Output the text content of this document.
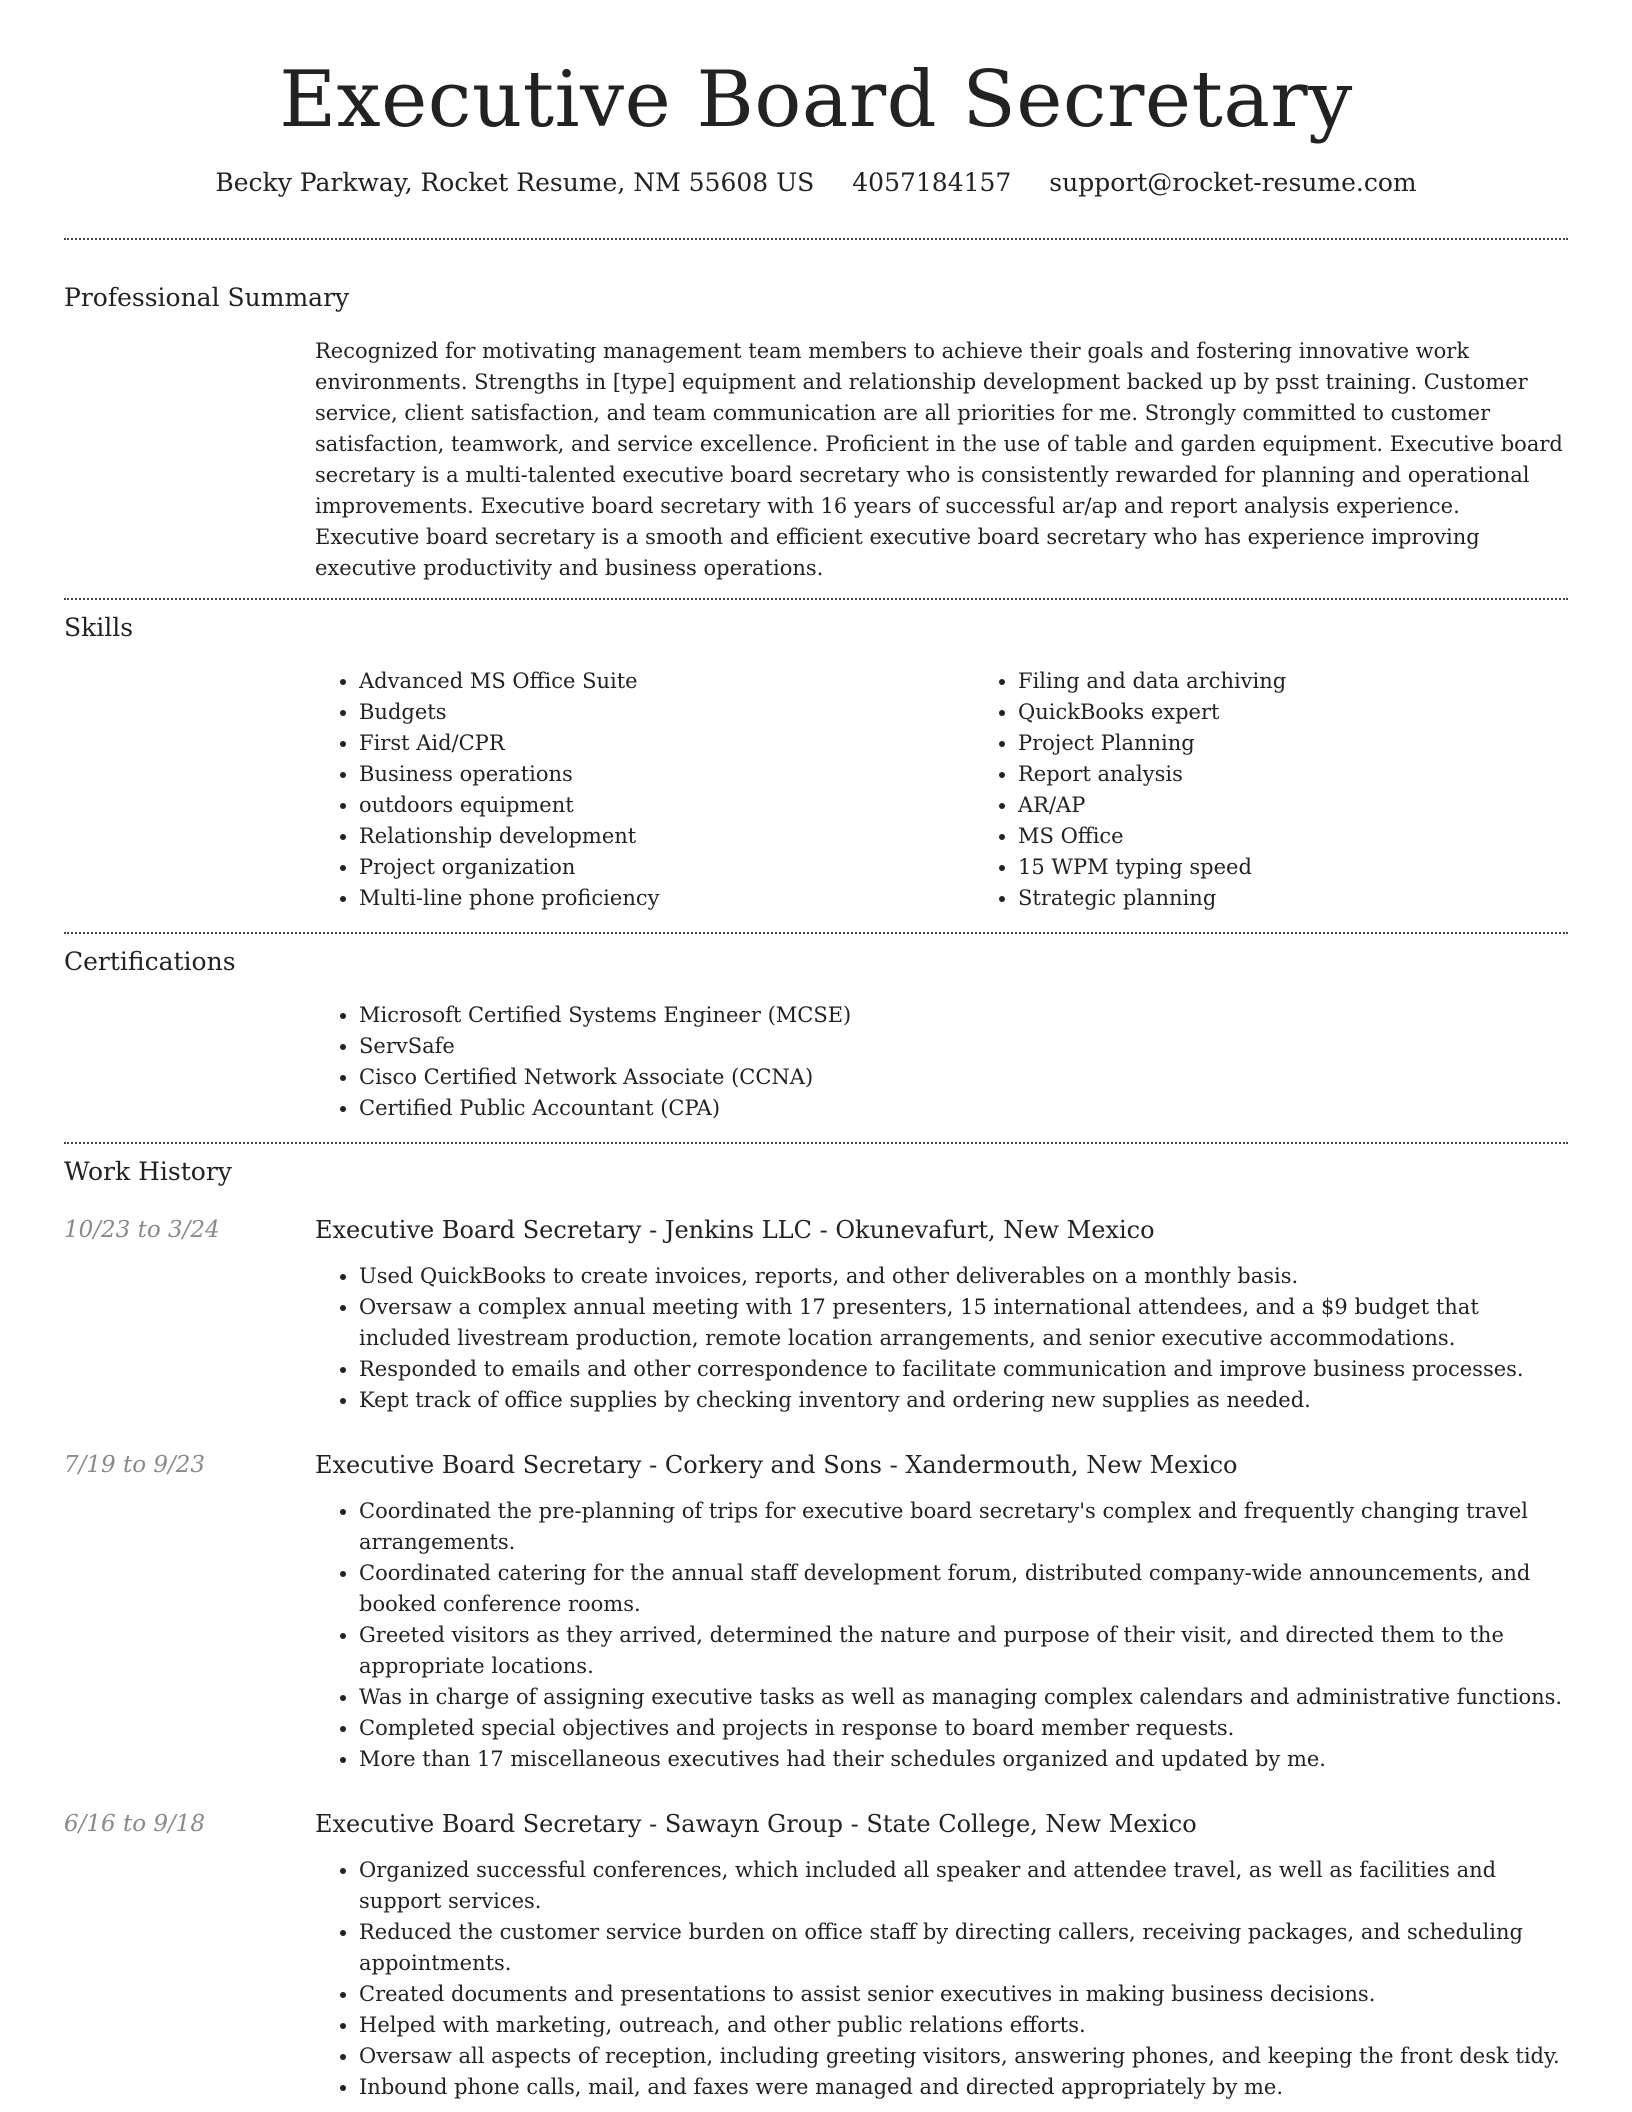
Executive Board Secretary
Becky Parkway, Rocket Resume, NM 55608 US 4057184157 support@rocket-resume.com
Professional Summary

Recognized for motivating management team members to achieve their goals and fostering innovative work environments. Strengths in [type] equipment and relationship development backed up by psst training. Customer service, client satisfaction, and team communication are all priorities for me. Strongly committed to customer satisfaction, teamwork, and service excellence. Proficient in the use of table and garden equipment. Executive board secretary is a multi-talented executive board secretary who is consistently rewarded for planning and operational improvements. Executive board secretary with 16 years of successful ar/ap and report analysis experience. Executive board secretary is a smooth and efficient executive board secretary who has experience improving executive productivity and business operations.

Skills
• Advanced MS Office Suite
• Budgets
• First Aid/CPR
• Business operations
• outdoors equipment
• Relationship development
• Project organization
• Multi-line phone proficiency
• Filing and data archiving
• QuickBooks expert
• Project Planning
• Report analysis
• AR/AP
• MS Office
• 15 WPM typing speed
• Strategic planning
Certifications
• Microsoft Certified Systems Engineer (MCSE)
• ServSafe
• Cisco Certified Network Associate (CCNA)
• Certified Public Accountant (CPA)
Work History
10/23 to 3/24	Executive Board Secretary - Jenkins LLC - Okunevafurt, New Mexico
• Used QuickBooks to create invoices, reports, and other deliverables on a monthly basis.
• Oversaw a complex annual meeting with 17 presenters, 15 international attendees, and a $9 budget that included livestream production, remote location arrangements, and senior executive accommodations.
• Responded to emails and other correspondence to facilitate communication and improve business processes.
• Kept track of office supplies by checking inventory and ordering new supplies as needed.
7/19 to 9/23	Executive Board Secretary - Corkery and Sons - Xandermouth, New Mexico
• Coordinated the pre-planning of trips for executive board secretary's complex and frequently changing travel arrangements.
• Coordinated catering for the annual staff development forum, distributed company-wide announcements, and booked conference rooms.
• Greeted visitors as they arrived, determined the nature and purpose of their visit, and directed them to the appropriate locations.
• Was in charge of assigning executive tasks as well as managing complex calendars and administrative functions.
• Completed special objectives and projects in response to board member requests.
• More than 17 miscellaneous executives had their schedules organized and updated by me.
6/16 to 9/18	Executive Board Secretary - Sawayn Group - State College, New Mexico
• Organized successful conferences, which included all speaker and attendee travel, as well as facilities and support services.
• Reduced the customer service burden on office staff by directing callers, receiving packages, and scheduling appointments.
• Created documents and presentations to assist senior executives in making business decisions.
• Helped with marketing, outreach, and other public relations efforts.
• Oversaw all aspects of reception, including greeting visitors, answering phones, and keeping the front desk tidy.
• Inbound phone calls, mail, and faxes were managed and directed appropriately by me.
